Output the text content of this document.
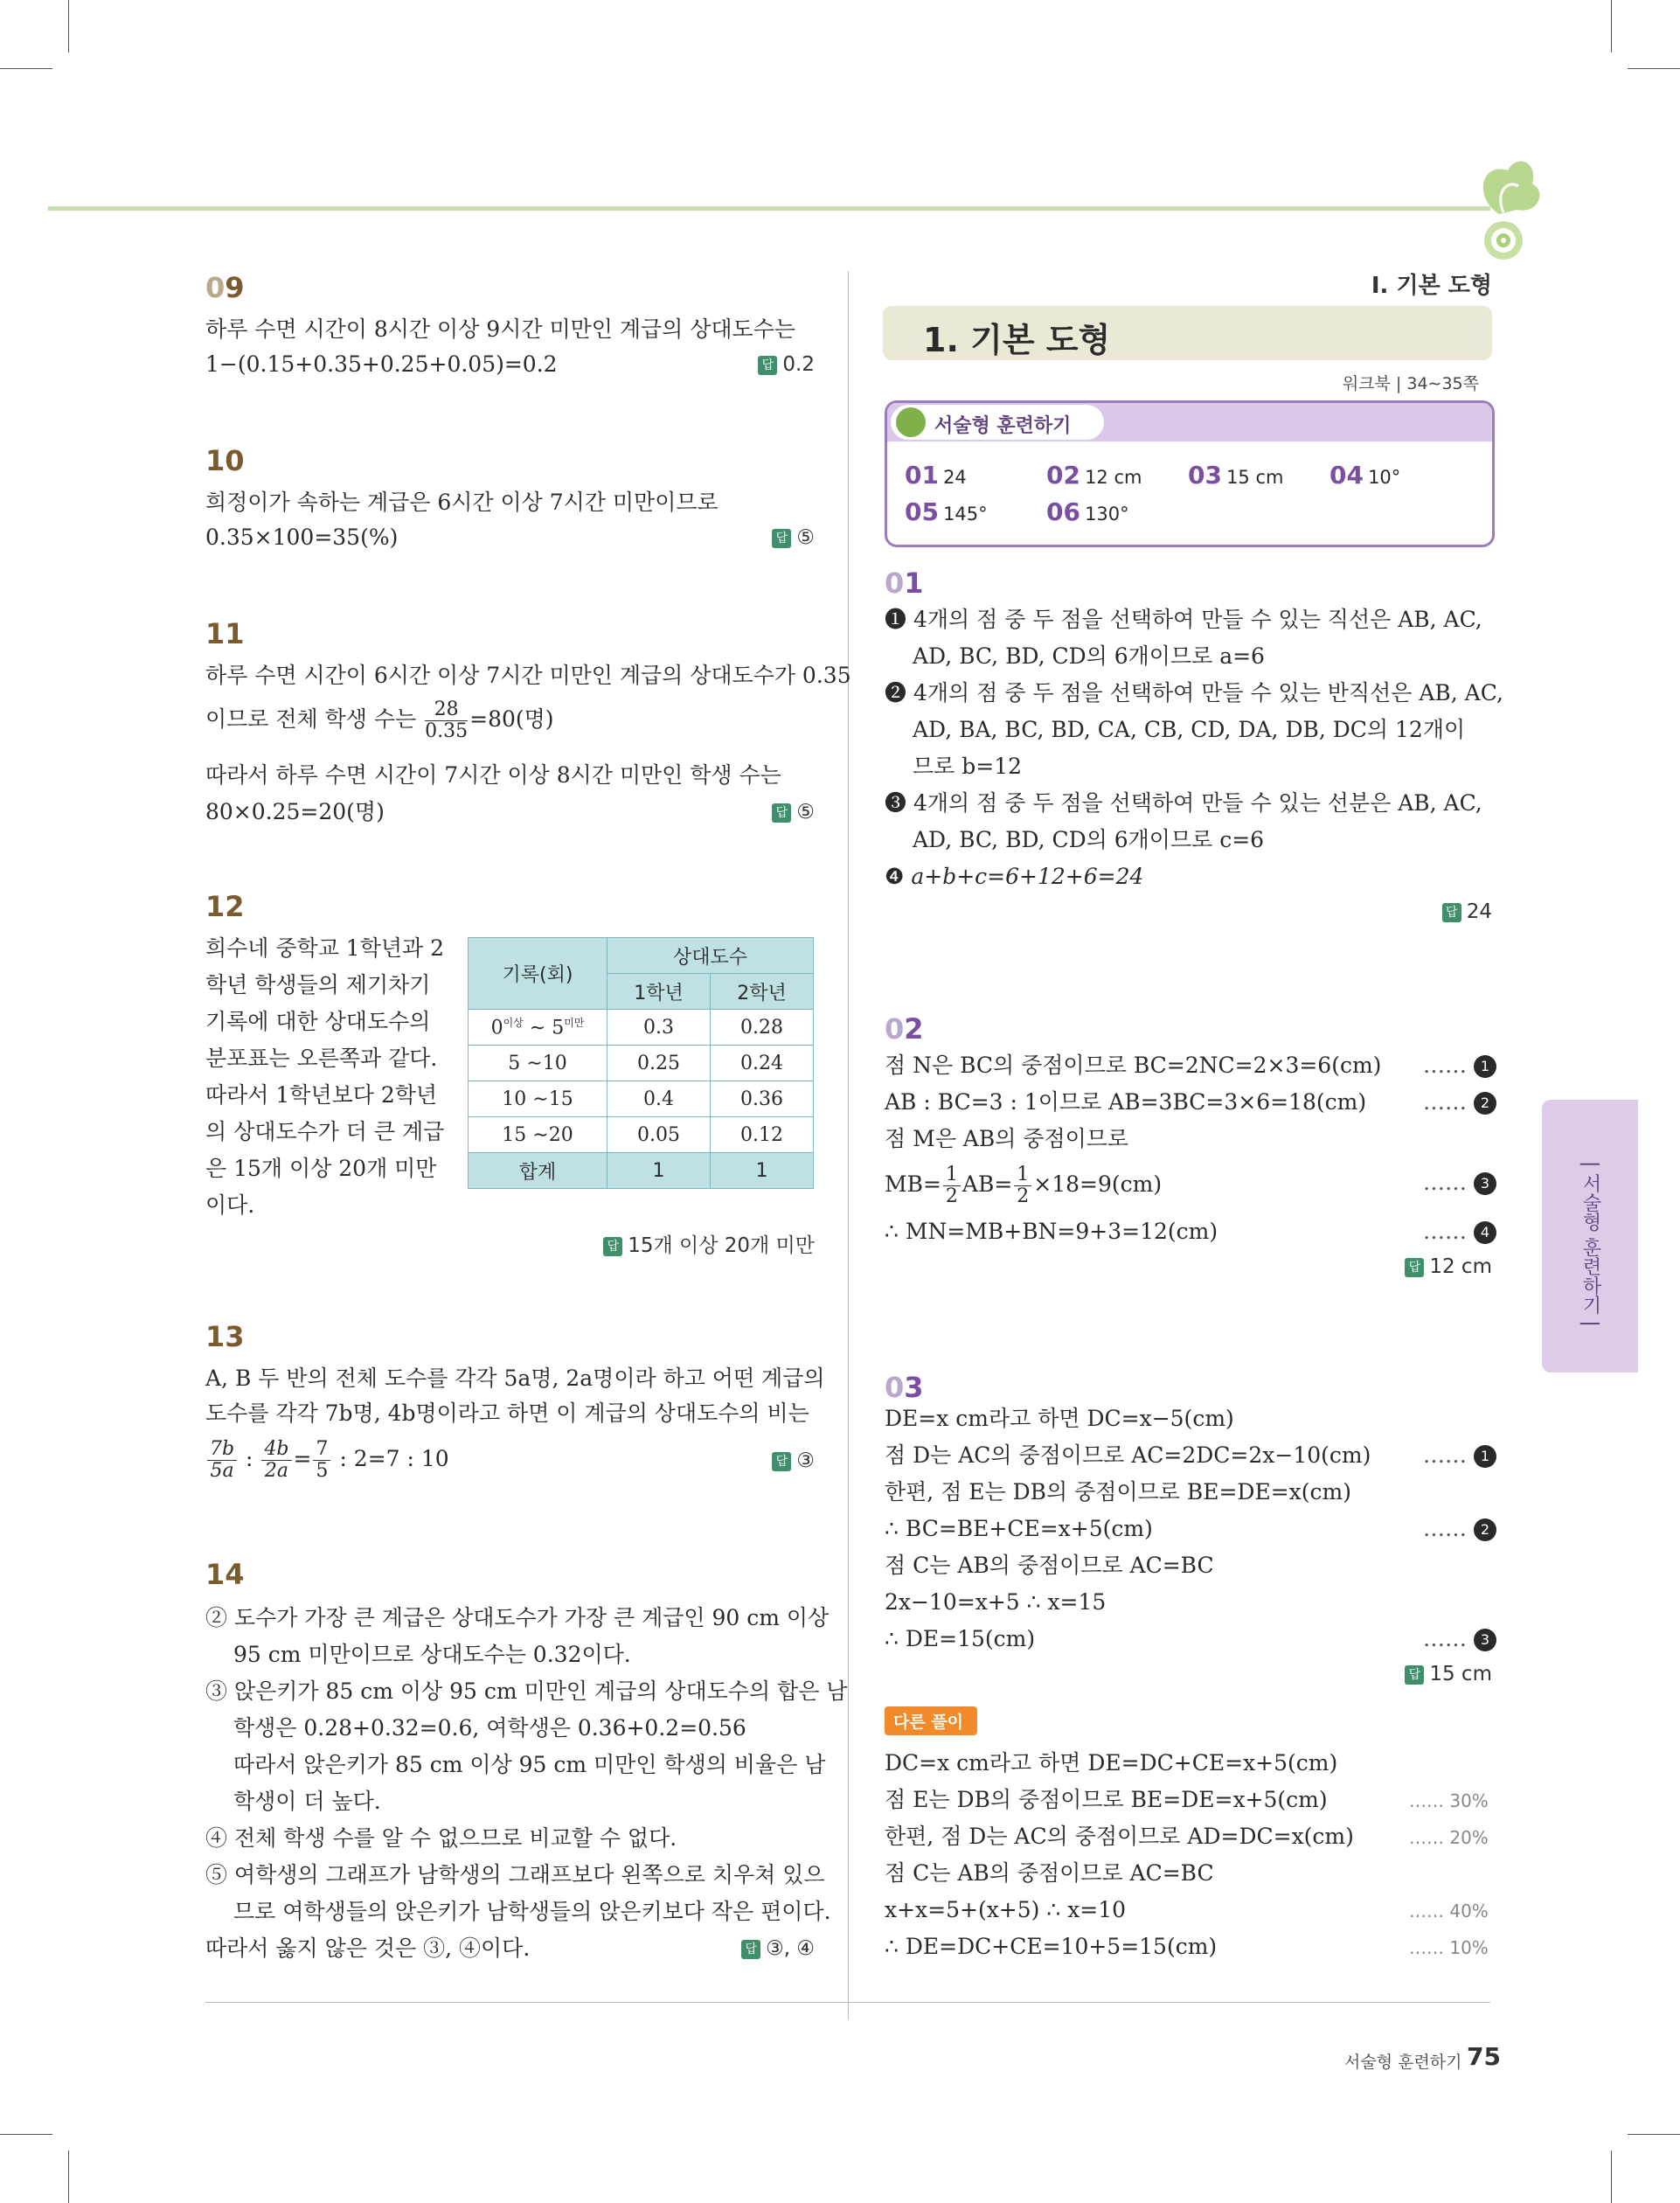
09
하루 수면 시간이 8시간 이상 9시간 미만인 계급의 상대도수는
1−(0.15+0.35+0.25+0.05)=0.2	답 0.2
10
희정이가 속하는 계급은 6시간 이상 7시간 미만이므로
0.35×100=35(%)	답 ⑤
11
하루 수면 시간이 6시간 이상 7시간 미만인 계급의 상대도수가 0.35
이므로 전체 학생 수는 $\frac{28}{0.35} =80$(명)
따라서 하루 수면 시간이 7시간 이상 8시간 미만인 학생 수는
80×0.25=20(명)	답 ⑤
12
희수네 중학교 1학년과 2
학년 학생들의 제기차기
기록에 대한 상대도수의
분포표는 오른쪽과 같다.
따라서 1학년보다 2학년
의 상대도수가 더 큰 계급
은 15개 이상 20개 미만
이다.
기록(회)	상대도수	
	1학년	2학년
$0^{이상}$ ∼ $5^{미만}$	0.3	0.28
5 ∼10	0.25	0.24
10 ∼15	0.4	0.36
15 ∼20	0.05	0.12
합계	1	1
답 15개 이상 20개 미만
13
A, B 두 반의 전체 도수를 각각 5a명, 2a명이라 하고 어떤 계급의
도수를 각각 7b명, 4b명이라고 하면 이 계급의 상대도수의 비는
$\frac{7b}{5a}$ : $\frac{4b}{2a} = \frac{7}{5}$ : 2=7 : 10	답 ③
14
② 도수가 가장 큰 계급은 상대도수가 가장 큰 계급인 90 cm 이상
95 cm 미만이므로 상대도수는 0.32이다.
③ 앉은키가 85 cm 이상 95 cm 미만인 계급의 상대도수의 합은 남
학생은 0.28+0.32=0.6, 여학생은 0.36+0.2=0.56
따라서 앉은키가 85 cm 이상 95 cm 미만인 학생의 비율은 남
학생이 더 높다.
④ 전체 학생 수를 알 수 없으므로 비교할 수 없다.
⑤ 여학생의 그래프가 남학생의 그래프보다 왼쪽으로 치우쳐 있으
므로 여학생들의 앉은키가 남학생들의 앉은키보다 작은 편이다.
따라서 옳지 않은 것은 ③, ④이다.	답 ③, ④
I. 기본 도형
1. 기본 도형
워크북 | 34∼35쪽
서술형 훈련하기
01 24	02 12 cm 03 15 cm 04 10°
05 145° 06 130°
01
❶ 4개의 점 중 두 점을 선택하여 만들 수 있는 직선은 AB, AC,
AD, BC, BD, CD의 6개이므로 a=6
❷ 4개의 점 중 두 점을 선택하여 만들 수 있는 반직선은 AB, AC,
AD, BA, BC, BD, CA, CB, CD, DA, DB, DC의 12개이
므로 b=12
❸ 4개의 점 중 두 점을 선택하여 만들 수 있는 선분은 AB, AC,
AD, BC, BD, CD의 6개이므로 c=6
❹ a+b+c=6+12+6=24
답 24
02
점 N은 BC의 중점이므로 BC=2NC=2×3=6(cm)
AB : BC=3 : 1이므로 AB=3BC=3×6=18(cm)
점 M은 AB의 중점이므로
$MB= \frac{1}{2} AB= \frac{1}{2} \times 18=9(cm)$
∴ MN=MB+BN=9+3=12(cm)
…… 1
…… 2
…… 3
…… 4
답 12 cm
03
DE=x cm라고 하면 DC=x−5(cm)
점 D는 AC의 중점이므로 AC=2DC=2x−10(cm)
한편, 점 E는 DB의 중점이므로 BE=DE=x(cm)
∴ BC=BE+CE=x+5(cm)
점 C는 AB의 중점이므로 AC=BC
2x−10=x+5 ∴ x=15
∴ DE=15(cm)
…… 1
…… 2
…… 3
답 15 cm
다른 풀이
DC=x cm라고 하면 DE=DC+CE=x+5(cm)
점 E는 DB의 중점이므로 BE=DE=x+5(cm)
한편, 점 D는 AC의 중점이므로 AD=DC=x(cm)
점 C는 AB의 중점이므로 AC=BC
x+x=5+(x+5) ∴ x=10
∴ DE=DC+CE=10+5=15(cm)
…… 30%
…… 20%
…… 40%
…… 10%
| 서술형 훈련하기 |
서술형 훈련하기 75
